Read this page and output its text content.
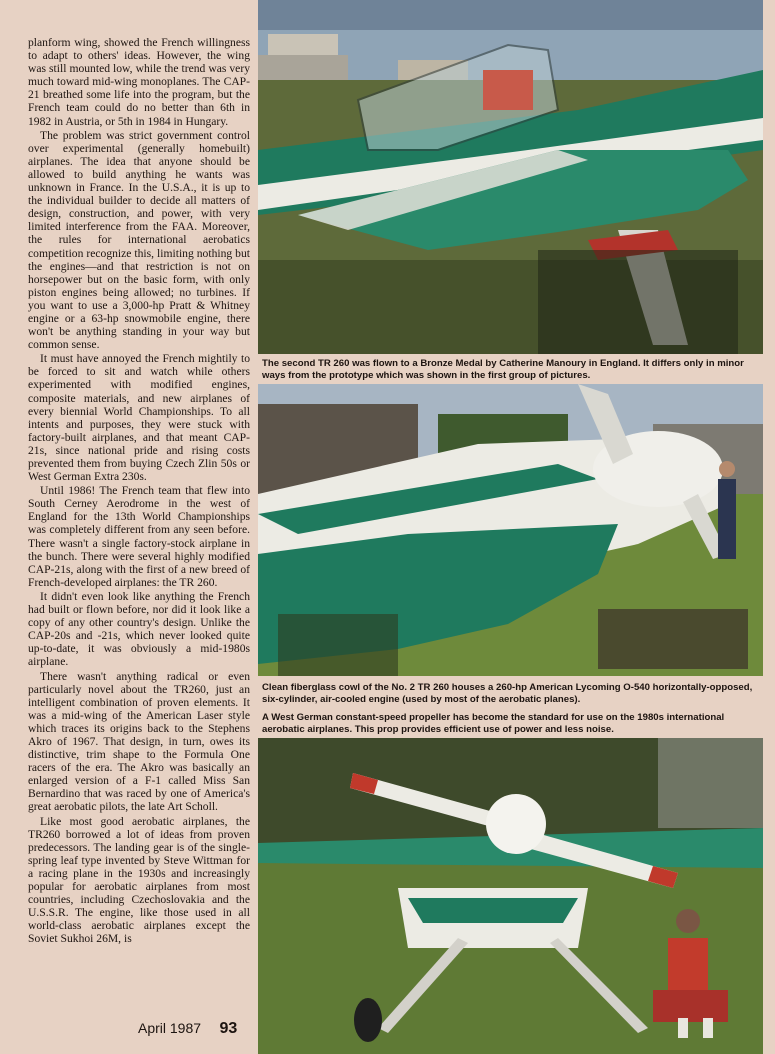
planform wing, showed the French willingness to adapt to others' ideas. However, the wing was still mounted low, while the trend was very much toward mid-wing monoplanes. The CAP-21 breathed some life into the program, but the French team could do no better than 6th in 1982 in Austria, or 5th in 1984 in Hungary.

The problem was strict government control over experimental (generally homebuilt) airplanes. The idea that anyone should be allowed to build anything he wants was unknown in France. In the U.S.A., it is up to the individual builder to decide all matters of design, construction, and power, with very limited interference from the FAA. Moreover, the rules for international aerobatics competition recognize this, limiting nothing but the engines—and that restriction is not on horsepower but on the basic form, with only piston engines being allowed; no turbines. If you want to use a 3,000-hp Pratt & Whitney engine or a 63-hp snowmobile engine, there won't be anything standing in your way but common sense.

It must have annoyed the French mightily to be forced to sit and watch while others experimented with modified engines, composite materials, and new airplanes of every biennial World Championships. To all intents and purposes, they were stuck with factory-built airplanes, and that meant CAP-21s, since national pride and rising costs prevented them from buying Czech Zlin 50s or West German Extra 230s.

Until 1986! The French team that flew into South Cerney Aerodrome in the west of England for the 13th World Championships was completely different from any seen before. There wasn't a single factory-stock airplane in the bunch. There were several highly modified CAP-21s, along with the first of a new breed of French-developed airplanes: the TR 260.

It didn't even look like anything the French had built or flown before, nor did it look like a copy of any other country's design. Unlike the CAP-20s and -21s, which never looked quite up-to-date, it was obviously a mid-1980s airplane.

There wasn't anything radical or even particularly novel about the TR260, just an intelligent combination of proven elements. It was a mid-wing of the American Laser style which traces its origins back to the Stephens Akro of 1967. That design, in turn, owes its distinctive, trim shape to the Formula One racers of the era. The Akro was basically an enlarged version of a F-1 called Miss San Bernardino that was raced by one of America's great aerobatic pilots, the late Art Scholl.

Like most good aerobatic airplanes, the TR260 borrowed a lot of ideas from proven predecessors. The landing gear is of the single-spring leaf type invented by Steve Wittman for a racing plane in the 1930s and increasingly popular for aerobatic airplanes from most countries, including Czechoslovakia and the U.S.S.R. The engine, like those used in all world-class aerobatic airplanes except the Soviet Sukhoi 26M, is

April 1987 93
The second TR 260 was flown to a Bronze Medal by Catherine Manoury in England. It differs only in minor ways from the prototype which was shown in the first group of pictures.
Clean fiberglass cowl of the No. 2 TR 260 houses a 260-hp American Lycoming O-540 horizontally-opposed, six-cylinder, air-cooled engine (used by most of the aerobatic planes).
A West German constant-speed propeller has become the standard for use on the 1980s international aerobatic airplanes. This prop provides efficient use of power and less noise.
